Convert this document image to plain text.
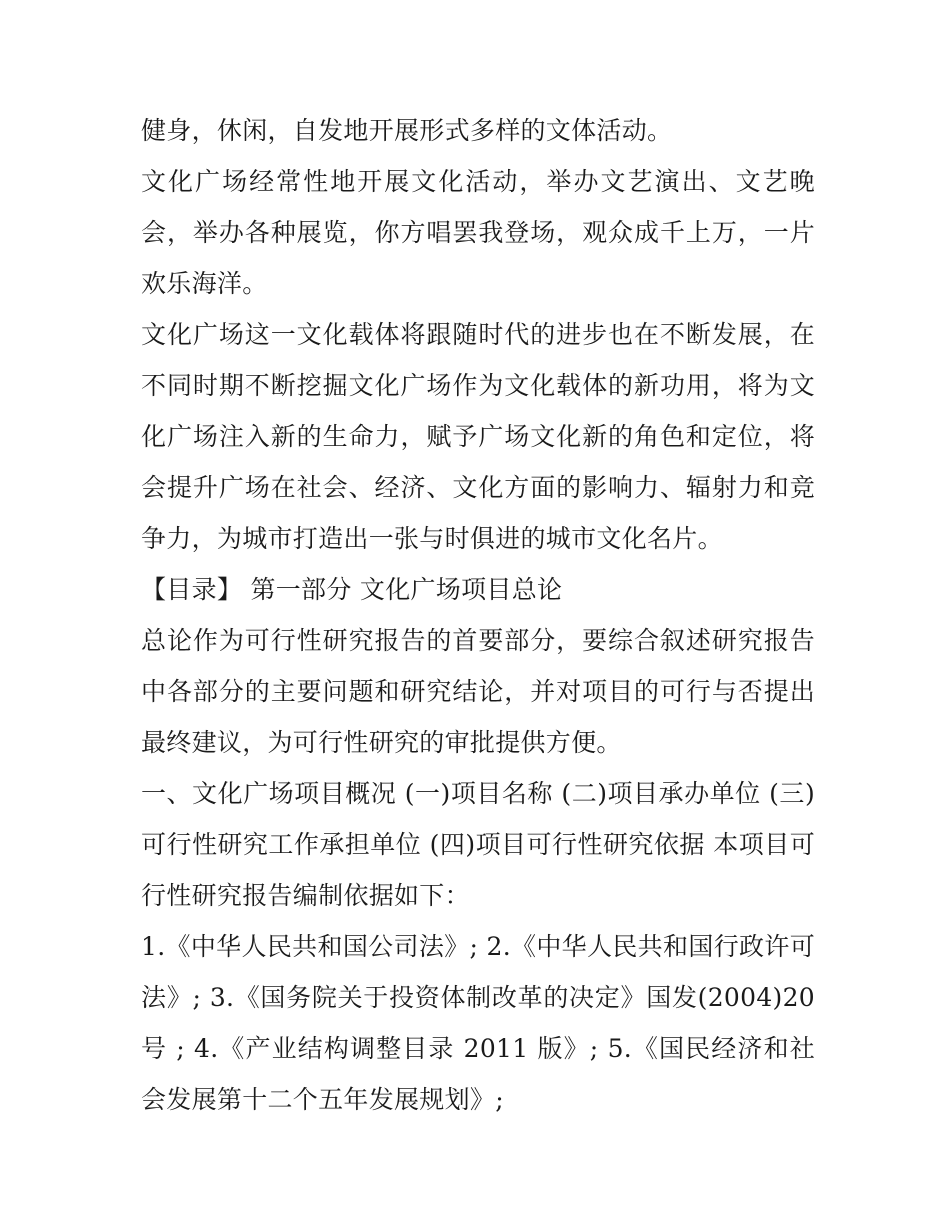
健身，休闲，自发地开展形式多样的文体活动。

文化广场经常性地开展文化活动，举办文艺演出、文艺晚会，举办各种展览，你方唱罢我登场，观众成千上万，一片欢乐海洋。

文化广场这一文化载体将跟随时代的进步也在不断发展，在不同时期不断挖掘文化广场作为文化载体的新功用，将为文化广场注入新的生命力，赋予广场文化新的角色和定位，将会提升广场在社会、经济、文化方面的影响力、辐射力和竞争力，为城市打造出一张与时俱进的城市文化名片。

【目录】 第一部分 文化广场项目总论

总论作为可行性研究报告的首要部分，要综合叙述研究报告中各部分的主要问题和研究结论，并对项目的可行与否提出最终建议，为可行性研究的审批提供方便。

一、文化广场项目概况 (一)项目名称 (二)项目承办单位 (三)可行性研究工作承担单位 (四)项目可行性研究依据 本项目可行性研究报告编制依据如下：

1.《中华人民共和国公司法》; 2.《中华人民共和国行政许可法》; 3.《国务院关于投资体制改革的决定》国发(2004)20 号 ; 4.《产业结构调整目录 2011 版》; 5.《国民经济和社会发展第十二个五年发展规划》;
